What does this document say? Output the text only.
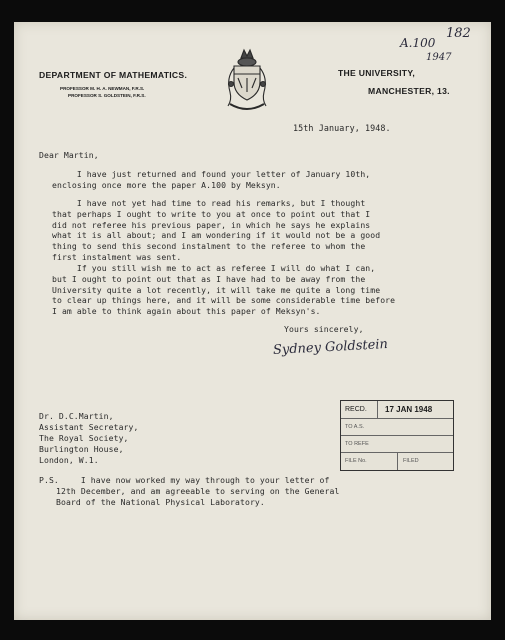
A.100
182
1947
DEPARTMENT OF MATHEMATICS.
PROFESSOR M. H. A. NEWMAN, F.R.S.
PROFESSOR S. GOLDSTEIN, F.R.S.
THE UNIVERSITY,
MANCHESTER, 13.
15th January, 1948.
Dear Martin,
I have just returned and found your letter of January 10th,
enclosing once more the paper A.100 by Meksyn.
I have not yet had time to read his remarks, but I thought
that perhaps I ought to write to you at once to point out that I
did not referee his previous paper, in which he says he explains
what it is all about; and I am wondering if it would not be a good
thing to send this second instalment to the referee to whom the
first instalment was sent.
If you still wish me to act as referee I will do what I can,
but I ought to point out that as I have had to be away from the
University quite a lot recently, it will take me quite a long time
to clear up things here, and it will be some considerable time before
I am able to think again about this paper of Meksyn's.
Yours sincerely,
Sydney Goldstein
Dr. D.C.Martin,
Assistant Secretary,
The Royal Society,
Burlington House,
London, W.1.
RECD. 17 JAN 1948
TO A.S.
TO REFE
FILE No.	FILED
P.S.	I have now worked my way through to your letter of
12th December, and am agreeable to serving on the General
Board of the National Physical Laboratory.
